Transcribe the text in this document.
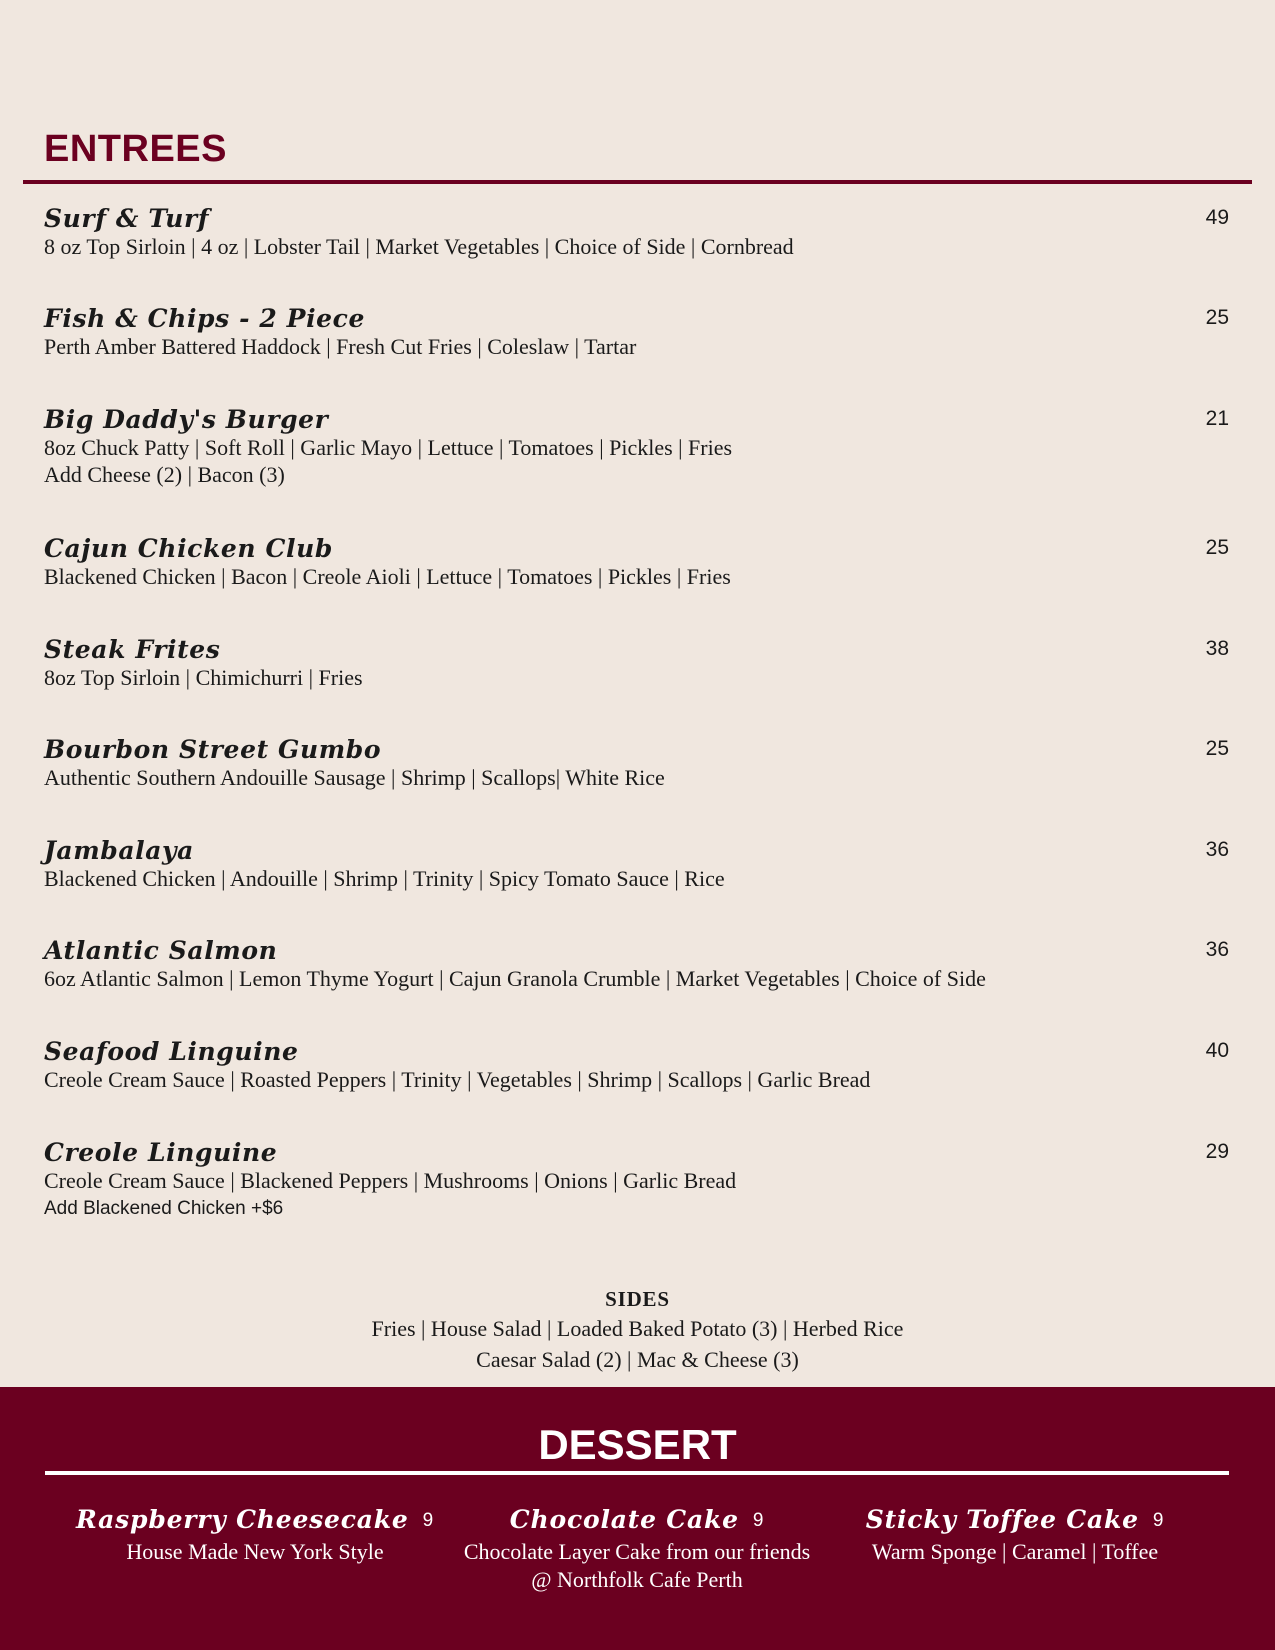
ENTREES
Surf & Turf
8 oz Top Sirloin | 4 oz | Lobster Tail | Market Vegetables | Choice of Side | Cornbread
49
Fish & Chips - 2 Piece
Perth Amber Battered Haddock | Fresh Cut Fries | Coleslaw | Tartar
25
Big Daddy's Burger
8oz Chuck Patty | Soft Roll | Garlic Mayo | Lettuce | Tomatoes | Pickles | Fries
Add Cheese (2) | Bacon (3)
21
Cajun Chicken Club
Blackened Chicken | Bacon | Creole Aioli | Lettuce | Tomatoes | Pickles | Fries
25
Steak Frites
8oz Top Sirloin | Chimichurri | Fries
38
Bourbon Street Gumbo
Authentic Southern Andouille Sausage | Shrimp | Scallops| White Rice
25
Jambalaya
Blackened Chicken | Andouille | Shrimp | Trinity | Spicy Tomato Sauce | Rice
36
Atlantic Salmon
6oz Atlantic Salmon | Lemon Thyme Yogurt | Cajun Granola Crumble | Market Vegetables | Choice of Side
36
Seafood Linguine
Creole Cream Sauce | Roasted Peppers | Trinity | Vegetables | Shrimp | Scallops | Garlic Bread
40
Creole Linguine
Creole Cream Sauce | Blackened Peppers | Mushrooms | Onions | Garlic Bread
Add Blackened Chicken +$6
29
SIDES
Fries | House Salad | Loaded Baked Potato (3) | Herbed Rice
Caesar Salad (2) | Mac & Cheese (3)
DESSERT
Raspberry Cheesecake 9
House Made New York Style
Chocolate Cake 9
Chocolate Layer Cake from our friends
@ Northfolk Cafe Perth
Sticky Toffee Cake 9
Warm Sponge | Caramel | Toffee
